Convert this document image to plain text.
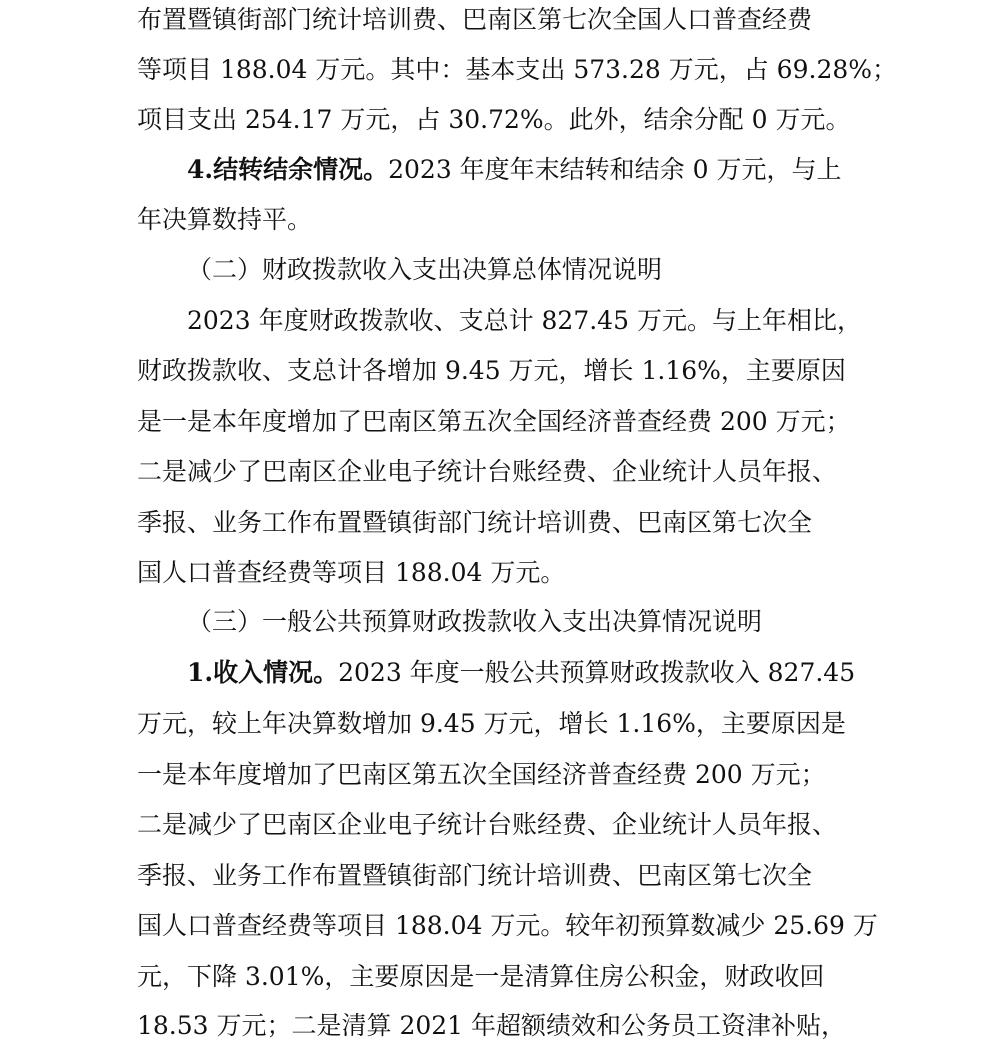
布置暨镇街部门统计培训费、巴南区第七次全国人口普查经费
等项目 188.04 万元。其中：基本支出 573.28 万元，占 69.28%；
项目支出 254.17 万元，占 30.72%。此外，结余分配 0 万元。
4.结转结余情况。2023 年度年末结转和结余 0 万元，与上
年决算数持平。
（二）财政拨款收入支出决算总体情况说明
2023 年度财政拨款收、支总计 827.45 万元。与上年相比，
财政拨款收、支总计各增加 9.45 万元，增长 1.16%，主要原因
是一是本年度增加了巴南区第五次全国经济普查经费 200 万元；
二是减少了巴南区企业电子统计台账经费、企业统计人员年报、
季报、业务工作布置暨镇街部门统计培训费、巴南区第七次全
国人口普查经费等项目 188.04 万元。
（三）一般公共预算财政拨款收入支出决算情况说明
1.收入情况。2023 年度一般公共预算财政拨款收入 827.45
万元，较上年决算数增加 9.45 万元，增长 1.16%，主要原因是
一是本年度增加了巴南区第五次全国经济普查经费 200 万元；
二是减少了巴南区企业电子统计台账经费、企业统计人员年报、
季报、业务工作布置暨镇街部门统计培训费、巴南区第七次全
国人口普查经费等项目 188.04 万元。较年初预算数减少 25.69 万
元，下降 3.01%，主要原因是一是清算住房公积金，财政收回
18.53 万元；二是清算 2021 年超额绩效和公务员工资津补贴，
